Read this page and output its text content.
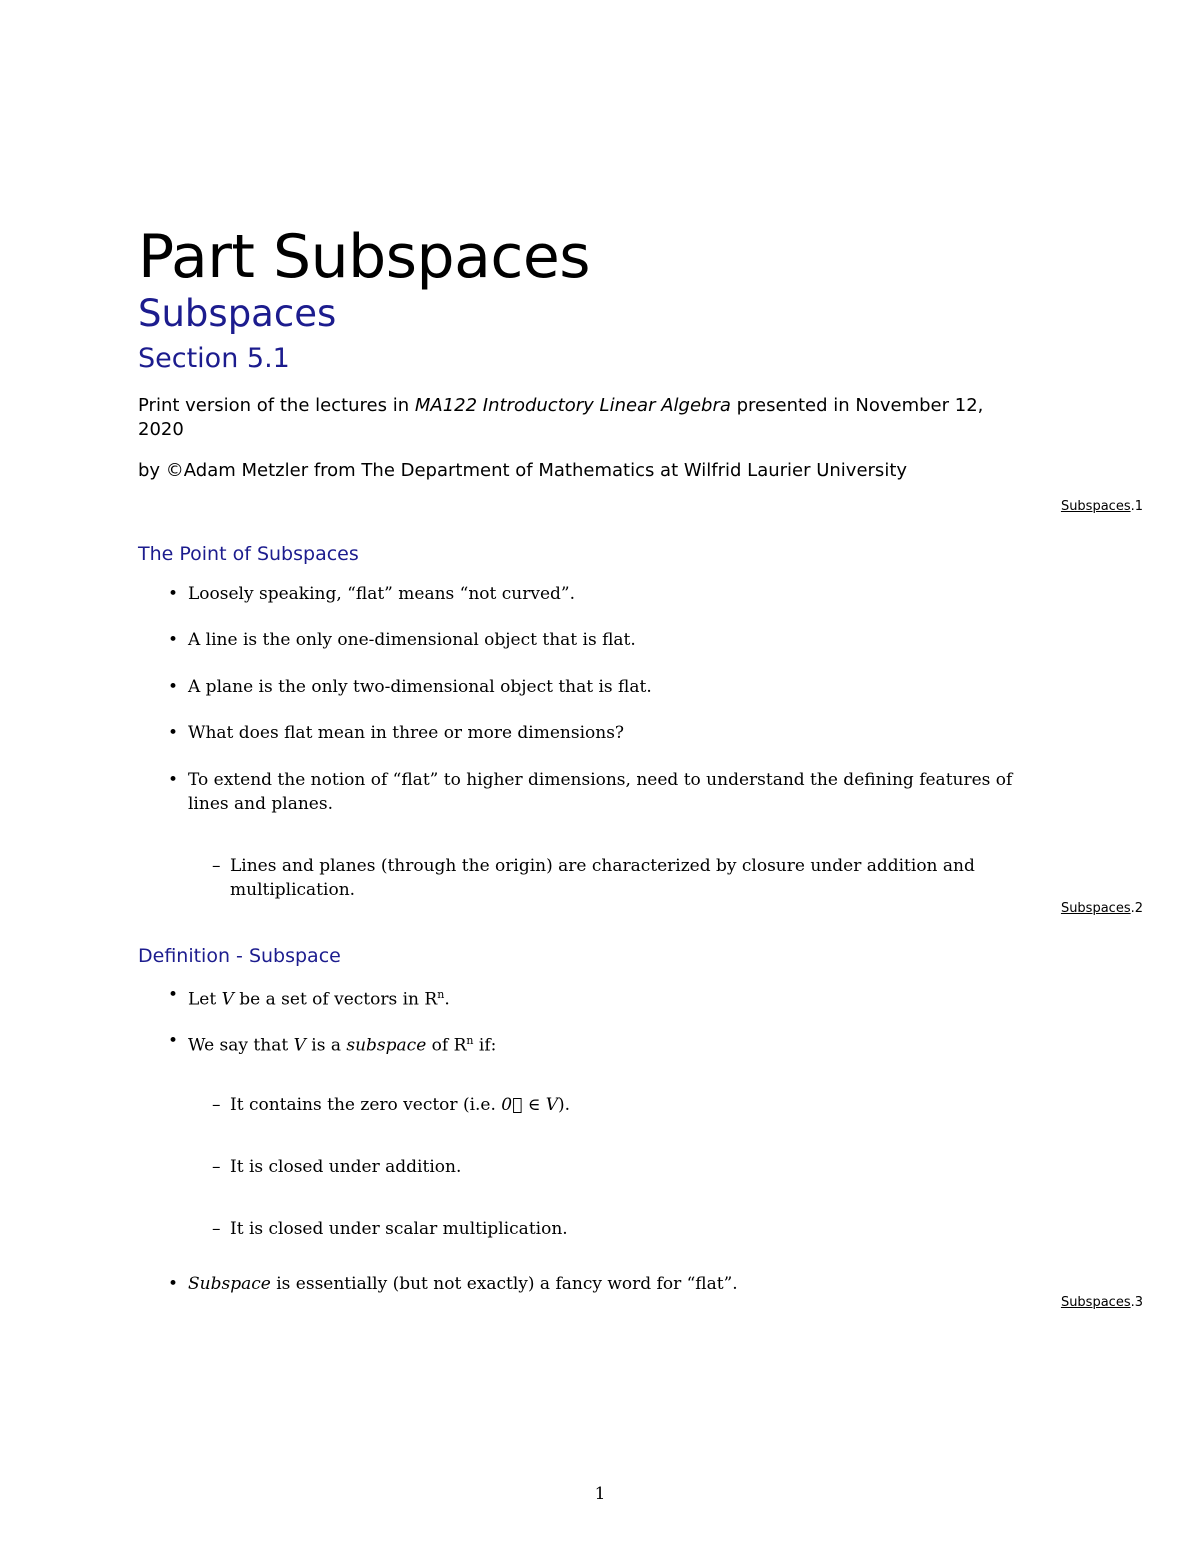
Part Subspaces
Subspaces
Section 5.1
Print version of the lectures in MA122 Introductory Linear Algebra presented in November 12, 2020
by ©Adam Metzler from The Department of Mathematics at Wilfrid Laurier University
Subspaces.1
The Point of Subspaces
• Loosely speaking, “flat” means “not curved”.
• A line is the only one-dimensional object that is flat.
• A plane is the only two-dimensional object that is flat.
• What does flat mean in three or more dimensions?
• To extend the notion of “flat” to higher dimensions, need to understand the defining features of lines and planes.
– Lines and planes (through the origin) are characterized by closure under addition and multiplication.
Subspaces.2
Definition - Subspace
• Let V be a set of vectors in $R^n$.
• We say that V is a subspace of $R^n$ if:
– It contains the zero vector (i.e. 0⃗ ∈ V).
– It is closed under addition.
– It is closed under scalar multiplication.
• Subspace is essentially (but not exactly) a fancy word for “flat”.
Subspaces.3
1
